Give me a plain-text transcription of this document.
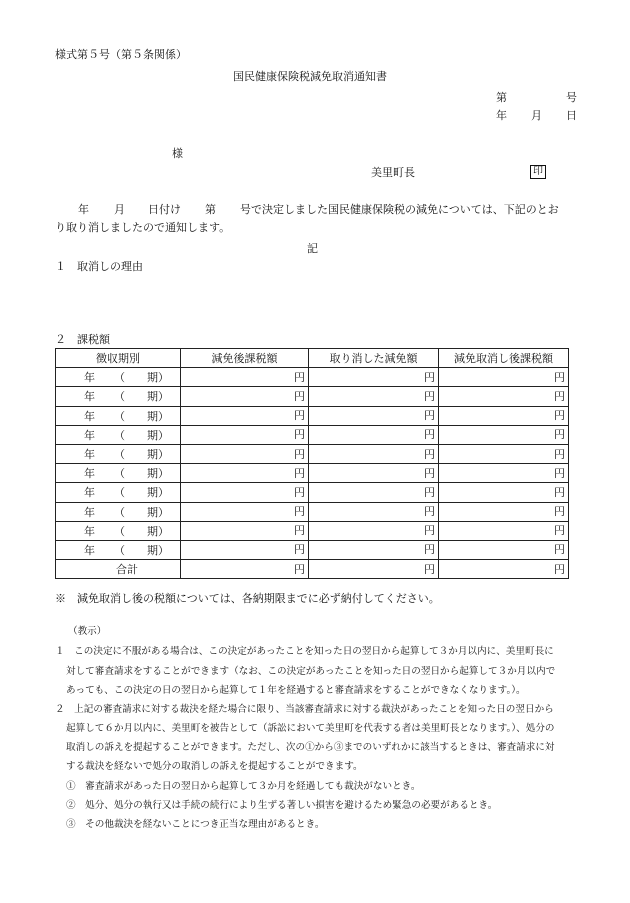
様式第５号（第５条関係）
国民健康保険税減免取消通知書
第	号
年 月 日
様
美里町長	印
年 月 日付け 第 号で決定しました国民健康保険税の減免については、下記のとお
り取り消しましたので通知します。
記
１　取消しの理由
２　課税額
徴収期別	減免後課税額	取り消した減免額	減免取消し後課税額

年 （ 期）	円	円	円

年 （ 期）	円	円	円

年 （ 期）	円	円	円

年 （ 期）	円	円	円

年 （ 期）	円	円	円

年 （ 期）	円	円	円

年 （ 期）	円	円	円

年 （ 期）	円	円	円

年 （ 期）	円	円	円

年 （ 期）	円	円	円
合計	円	円	円
※　減免取消し後の税額については、各納期限までに必ず納付してください。
（教示）
１　この決定に不服がある場合は、この決定があったことを知った日の翌日から起算して３か月以内に、美里町長に
対して審査請求をすることができます（なお、この決定があったことを知った日の翌日から起算して３か月以内で
あっても、この決定の日の翌日から起算して１年を経過すると審査請求をすることができなくなります。）。
２　上記の審査請求に対する裁決を経た場合に限り、当該審査請求に対する裁決があったことを知った日の翌日から
起算して６か月以内に、美里町を被告として（訴訟において美里町を代表する者は美里町長となります。）、処分の
取消しの訴えを提起することができます。ただし、次の①から③までのいずれかに該当するときは、審査請求に対
する裁決を経ないで処分の取消しの訴えを提起することができます。
①　審査請求があった日の翌日から起算して３か月を経過しても裁決がないとき。
②　処分、処分の執行又は手続の続行により生ずる著しい損害を避けるため緊急の必要があるとき。
③　その他裁決を経ないことにつき正当な理由があるとき。
